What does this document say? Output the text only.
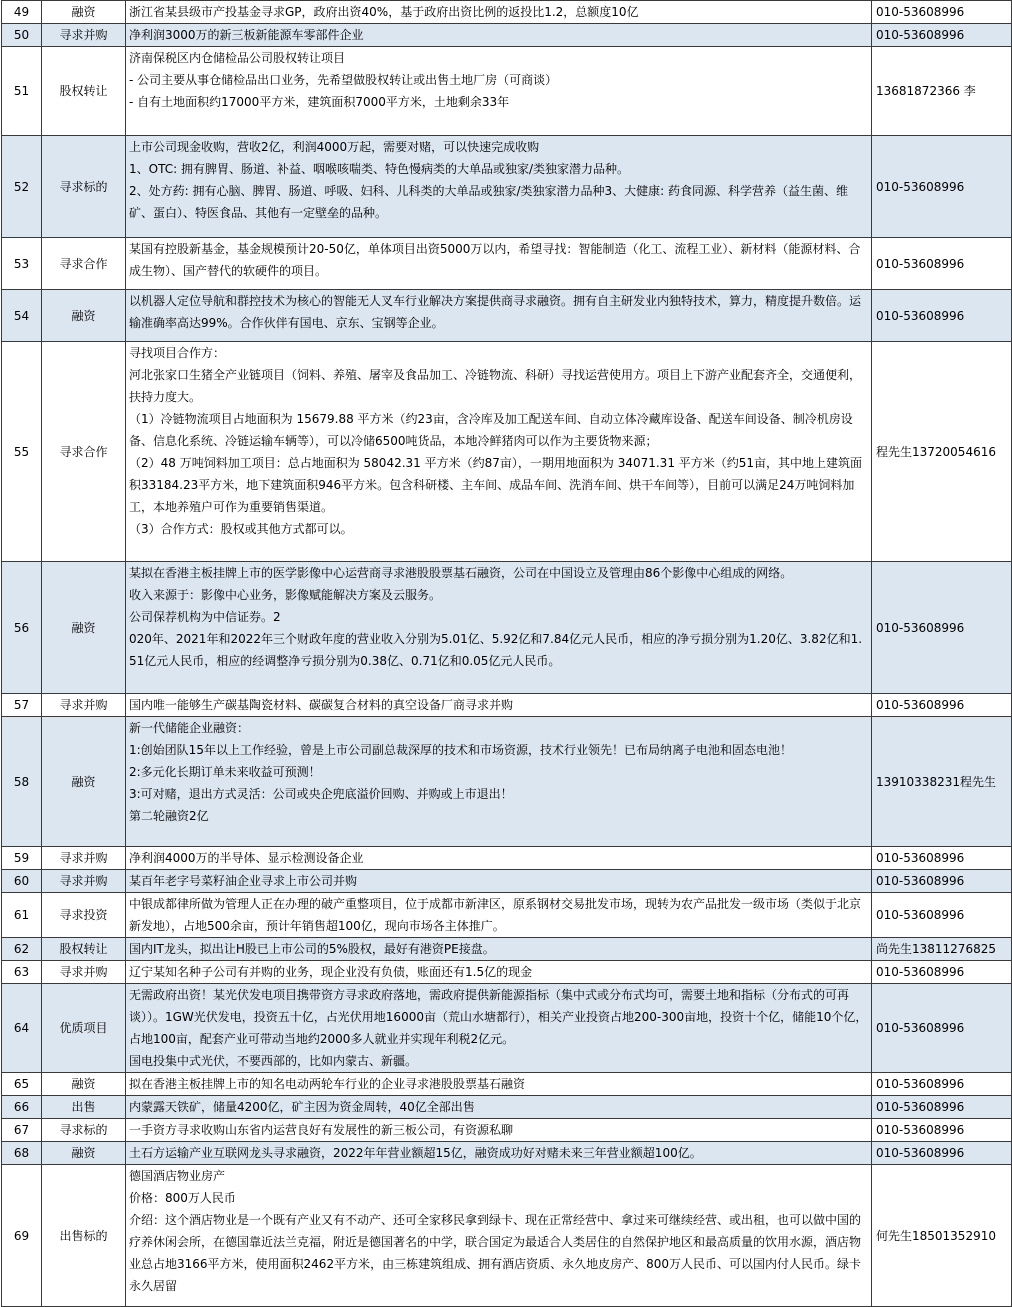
49	融资	浙江省某县级市产投基金寻求GP，政府出资40%，基于政府出资比例的返投比1.2，总额度10亿	010-53608996
50	寻求并购	净利润3000万的新三板新能源车零部件企业	010-53608996
51	股权转让	济南保税区内仓储检品公司股权转让项目
- 公司主要从事仓储检品出口业务，先希望做股权转让或出售土地厂房（可商谈）
- 自有土地面积约17000平方米，建筑面积7000平方米，土地剩余33年	13681872366 李
52	寻求标的	上市公司现金收购，营收2亿，利润4000万起，需要对赌，可以快速完成收购
1、OTC: 拥有脾胃、肠道、补益、咽喉咳喘类、特色慢病类的大单品或独家/类独家潜力品种。
2、处方药: 拥有心脑、脾胃、肠道、呼吸、妇科、儿科类的大单品或独家/类独家潜力品种3、大健康: 药食同源、科学营养（益生菌、维矿、蛋白）、特医食品、其他有一定壁垒的品种。	010-53608996
53	寻求合作	某国有控股新基金，基金规模预计20-50亿，单体项目出资5000万以内，希望寻找：智能制造（化工、流程工业）、新材料（能源材料、合成生物）、国产替代的软硬件的项目。	010-53608996
54	融资	以机器人定位导航和群控技术为核心的智能无人叉车行业解决方案提供商寻求融资。拥有自主研发业内独特技术，算力，精度提升数倍。运输准确率高达99%。合作伙伴有国电、京东、宝钢等企业。	010-53608996
55	寻求合作	寻找项目合作方：
河北张家口生猪全产业链项目（饲料、养殖、屠宰及食品加工、冷链物流、科研）寻找运营使用方。项目上下游产业配套齐全，交通便利，扶持力度大。
（1）冷链物流项目占地面积为 15679.88 平方米（约23亩，含冷库及加工配送车间、自动立体冷藏库设备、配送车间设备、制冷机房设备、信息化系统、冷链运输车辆等），可以冷储6500吨货品，本地冷鲜猪肉可以作为主要货物来源；
（2）48 万吨饲料加工项目：总占地面积为 58042.31 平方米（约87亩），一期用地面积为 34071.31 平方米（约51亩，其中地上建筑面积33184.23平方米，地下建筑面积946平方米。包含科研楼、主车间、成品车间、洗消车间、烘干车间等），目前可以满足24万吨饲料加工，本地养殖户可作为重要销售渠道。
（3）合作方式：股权或其他方式都可以。	程先生13720054616
56	融资	某拟在香港主板挂牌上市的医学影像中心运营商寻求港股股票基石融资，公司在中国设立及管理由86个影像中心组成的网络。
收入来源于：影像中心业务，影像赋能解决方案及云服务。
公司保荐机构为中信证券。2
020年、2021年和2022年三个财政年度的营业收入分别为5.01亿、5.92亿和7.84亿元人民币，相应的净亏损分别为1.20亿、3.82亿和1.51亿元人民币，相应的经调整净亏损分别为0.38亿、0.71亿和0.05亿元人民币。	010-53608996
57	寻求并购	国内唯一能够生产碳基陶瓷材料、碳碳复合材料的真空设备厂商寻求并购	010-53608996
58	融资	新一代储能企业融资：
1:创始团队15年以上工作经验，曾是上市公司副总裁深厚的技术和市场资源，技术行业领先！已布局纳离子电池和固态电池！
2:多元化长期订单未来收益可预测！
3:可对赌，退出方式灵活：公司或央企兜底溢价回购、并购或上市退出！
第二轮融资2亿	13910338231程先生
59	寻求并购	净利润4000万的半导体、显示检测设备企业	010-53608996
60	寻求并购	某百年老字号菜籽油企业寻求上市公司并购	010-53608996
61	寻求投资	中银成都律所做为管理人正在办理的破产重整项目，位于成都市新津区，原系钢材交易批发市场，现转为农产品批发一级市场（类似于北京新发地），占地500余亩，预计年销售超100亿，现向市场各主体推广。	010-53608996
62	股权转让	国内IT龙头，拟出让H股已上市公司的5%股权，最好有港资PE接盘。	尚先生13811276825
63	寻求并购	辽宁某知名种子公司有并购的业务，现企业没有负债，账面还有1.5亿的现金	010-53608996
64	优质项目	无需政府出资！某光伏发电项目携带资方寻求政府落地，需政府提供新能源指标（集中式或分布式均可，需要土地和指标（分布式的可再谈））。1GW光伏发电，投资五十亿，占光伏用地16000亩（荒山水塘都行），相关产业投资占地200-300亩地，投资十个亿，储能10个亿，占地100亩，配套产业可带动当地约2000多人就业并实现年利税2亿元。
国电投集中式光伏，不要西部的，比如内蒙古、新疆。	010-53608996
65	融资	拟在香港主板挂牌上市的知名电动两轮车行业的企业寻求港股股票基石融资	010-53608996
66	出售	内蒙露天铁矿，储量4200亿，矿主因为资金周转，40亿全部出售	010-53608996
67	寻求标的	一手资方寻求收购山东省内运营良好有发展性的新三板公司，有资源私聊	010-53608996
68	融资	土石方运输产业互联网龙头寻求融资，2022年年营业额超15亿，融资成功好对赌未来三年营业额超100亿。	010-53608996
69	出售标的	德国酒店物业房产
价格：800万人民币
介绍：这个酒店物业是一个既有产业又有不动产、还可全家移民拿到绿卡、现在正常经营中、拿过来可继续经营、或出租，也可以做中国的疗养休闲会所，在德国靠近法兰克福，附近是德国著名的中学，联合国定为最适合人类居住的自然保护地区和最高质量的饮用水源，酒店物业总占地3166平方米，使用面积2462平方米，由三栋建筑组成、拥有酒店资质、永久地皮房产、800万人民币、可以国内付人民币。绿卡永久居留	何先生18501352910
